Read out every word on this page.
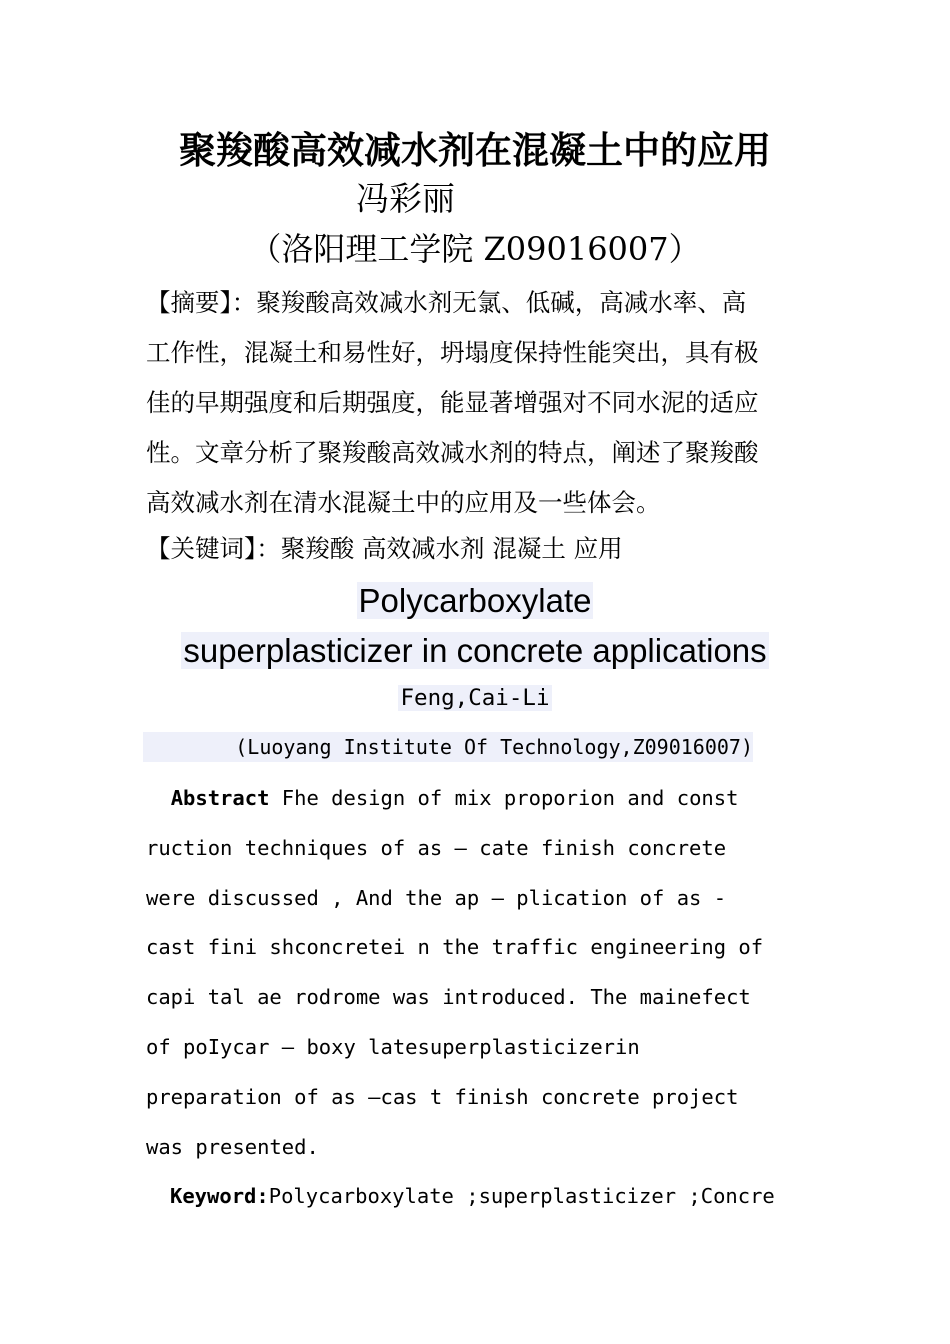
聚羧酸高效减水剂在混凝土中的应用
冯彩丽
（洛阳理工学院 Z09016007）
【摘要】：聚羧酸高效减水剂无氯、低碱，高减水率、高
工作性，混凝土和易性好，坍塌度保持性能突出，具有极
佳的早期强度和后期强度，能显著增强对不同水泥的适应
性。文章分析了聚羧酸高效减水剂的特点，阐述了聚羧酸
高效减水剂在清水混凝土中的应用及一些体会。
【关键词】：聚羧酸 高效减水剂 混凝土 应用
Polycarboxylate
superplasticizer in concrete applications
Feng,Cai-Li
(Luoyang Institute Of Technology,Z09016007)
Abstract Fhe design of mix proporion and const
ruction techniques of as – cate finish concrete
were discussed , And the ap — plication of as -
cast fini shconcretei n the traffic engineering of
capi tal ae rodrome was introduced. The mainefect
of poIycar — boxy latesuperplasticizerin
preparation of as —cas t finish concrete project
was presented.
Keyword:Polycarboxylate ;superplasticizer ;Concre
